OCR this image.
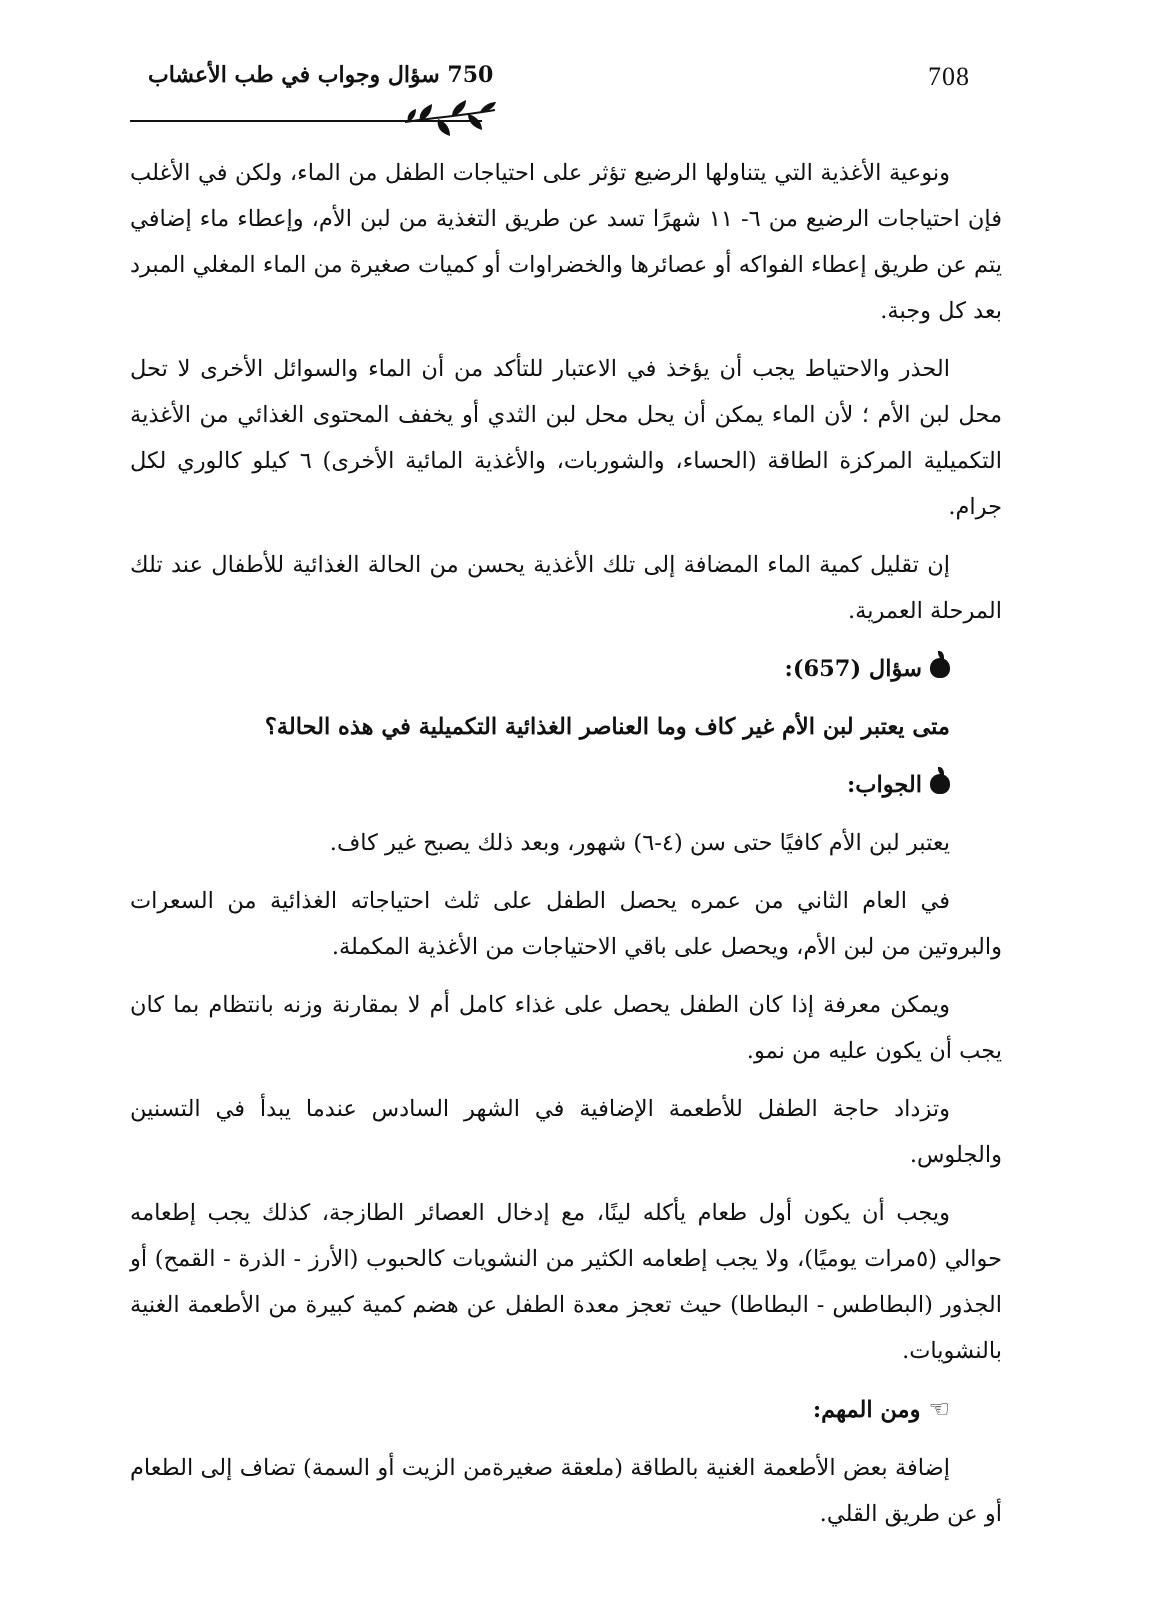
708
750 سؤال وجواب في طب الأعشاب

ونوعية الأغذية التي يتناولها الرضيع تؤثر على احتياجات الطفل من الماء، ولكن في الأغلب فإن احتياجات الرضيع من ٦- ١١ شهرًا تسد عن طريق التغذية من لبن الأم، وإعطاء ماء إضافي يتم عن طريق إعطاء الفواكه أو عصائرها والخضراوات أو كميات صغيرة من الماء المغلي المبرد بعد كل وجبة.

الحذر والاحتياط يجب أن يؤخذ في الاعتبار للتأكد من أن الماء والسوائل الأخرى لا تحل محل لبن الأم ؛ لأن الماء يمكن أن يحل محل لبن الثدي أو يخفف المحتوى الغذائي من الأغذية التكميلية المركزة الطاقة (الحساء، والشوربات، والأغذية المائية الأخرى) ٦ كيلو كالوري لكل جرام.

إن تقليل كمية الماء المضافة إلى تلك الأغذية يحسن من الحالة الغذائية للأطفال عند تلك المرحلة العمرية.

سؤال (657):
متى يعتبر لبن الأم غير كاف وما العناصر الغذائية التكميلية في هذه الحالة؟
الجواب:

يعتبر لبن الأم كافيًا حتى سن (٤-٦) شهور، وبعد ذلك يصبح غير كاف.

في العام الثاني من عمره يحصل الطفل على ثلث احتياجاته الغذائية من السعرات والبروتين من لبن الأم، ويحصل على باقي الاحتياجات من الأغذية المكملة.

ويمكن معرفة إذا كان الطفل يحصل على غذاء كامل أم لا بمقارنة وزنه بانتظام بما كان يجب أن يكون عليه من نمو.

وتزداد حاجة الطفل للأطعمة الإضافية في الشهر السادس عندما يبدأ في التسنين والجلوس.

ويجب أن يكون أول طعام يأكله لينًا، مع إدخال العصائر الطازجة، كذلك يجب إطعامه حوالي (٥مرات يوميًا)، ولا يجب إطعامه الكثير من النشويات كالحبوب (الأرز - الذرة - القمح) أو الجذور (البطاطس - البطاطا) حيث تعجز معدة الطفل عن هضم كمية كبيرة من الأطعمة الغنية بالنشويات.

☜ومن المهم:

إضافة بعض الأطعمة الغنية بالطاقة (ملعقة صغيرةمن الزيت أو السمة) تضاف إلى الطعام أو عن طريق القلي.
